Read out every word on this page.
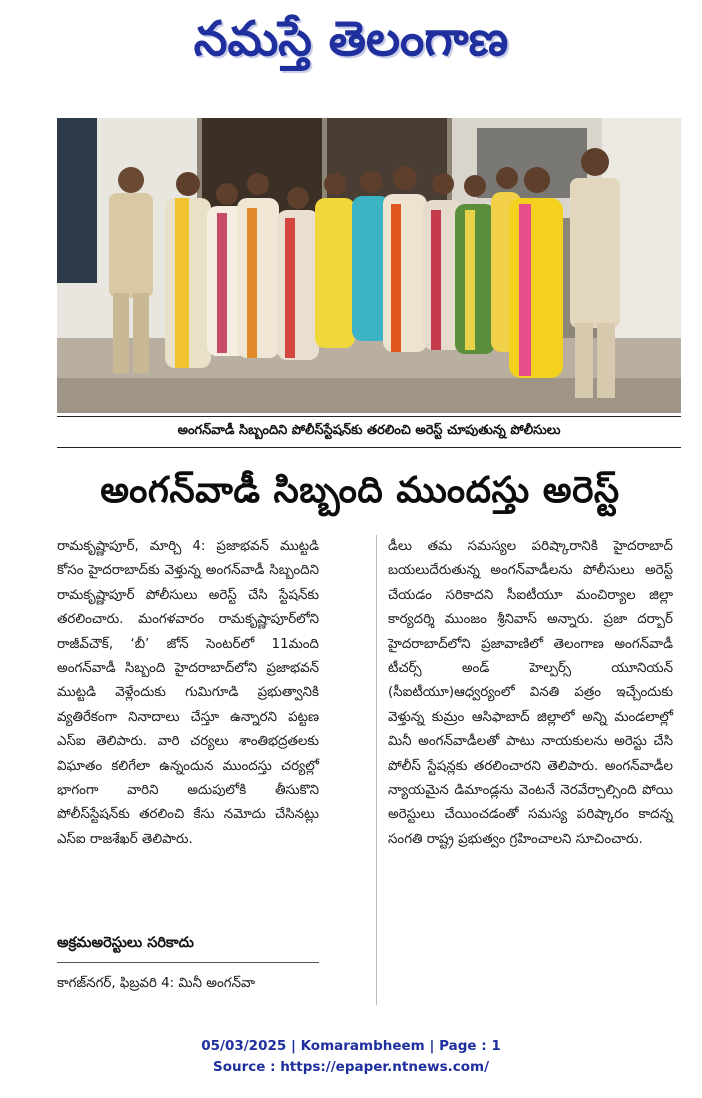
నమస్తే తెలంగాణ
అంగన్‌వాడీ సిబ్బందిని పోలీస్‌స్టేషన్‌కు తరలించి అరెస్ట్‌ చూపుతున్న పోలీసులు
అంగన్‌వాడీ సిబ్బంది ముందస్తు అరెస్ట్‌

రామకృష్ణాపూర్‌, మార్చి 4: ప్రజాభవన్‌ ముట్టడి కోసం హైదరాబాద్‌కు వెళ్తున్న అంగన్‌వాడీ సిబ్బందిని రామకృష్ణాపూర్‌ పోలీసులు అరెస్ట్‌ చేసి స్టేషన్‌కు తరలించారు. మంగళవారం రామకృష్ణాపూర్‌లోని రాజీవ్‌చౌక్‌, ‘బీ’ జోన్‌ సెంటర్‌లో 11మంది అంగన్‌వాడీ సిబ్బంది హైదరాబాద్‌లోని ప్రజాభవన్‌ ముట్టడి వెళ్లేందుకు గుమిగూడి ప్రభుత్వానికి వ్యతిరేకంగా నినాదాలు చేస్తూ ఉన్నారని పట్టణ ఎస్‌ఐ తెలిపారు. వారి చర్యలు శాంతిభద్రతలకు విఘాతం కలిగేలా ఉన్నందున ముందస్తు చర్యల్లో భాగంగా వారిని అదుపులోకి తీసుకొని పోలీస్‌స్టేషన్‌కు తరలించి కేసు నమోదు చేసినట్లు ఎస్‌ఐ రాజశేఖర్‌ తెలిపారు.

అక్రమఅరెస్టులు సరికాదు

కాగజ్‌నగర్‌, ఫిబ్రవరి 4: మినీ అంగన్‌వా

డీలు తమ సమస్యల పరిష్కారానికి హైదరాబాద్‌ బయలుదేరుతున్న అంగన్‌వాడీలను పోలీసులు అరెస్ట్‌ చేయడం సరికాదని సీఐటీయూ మంచిర్యాల జిల్లా కార్యదర్శి ముంజం శ్రీనివాస్‌ అన్నారు. ప్రజా దర్బార్‌ హైదరాబాద్‌లోని ప్రజావాణిలో తెలంగాణ అంగన్‌వాడీ టీచర్స్‌ అండ్‌ హెల్పర్స్‌ యూనియన్‌ (సీఐటీయూ)ఆధ్వర్యంలో వినతి పత్రం ఇచ్చేందుకు వెళ్తున్న కుమ్రం ఆసిఫాబాద్‌ జిల్లాలో అన్ని మండలాల్లో మినీ అంగన్‌వాడీలతో పాటు నాయకులను అరెస్టు చేసి పోలీస్‌ స్టేషన్లకు తరలించారని తెలిపారు. అంగన్‌వాడీల న్యాయమైన డిమాండ్లను వెంటనే నెరవేర్చాల్సింది పోయి అరెస్టులు చేయించడంతో సమస్య పరిష్కారం కాదన్న సంగతి రాష్ట్ర ప్రభుత్వం గ్రహించాలని సూచించారు.

05/03/2025 | Komarambheem | Page : 1
Source : https://epaper.ntnews.com/
